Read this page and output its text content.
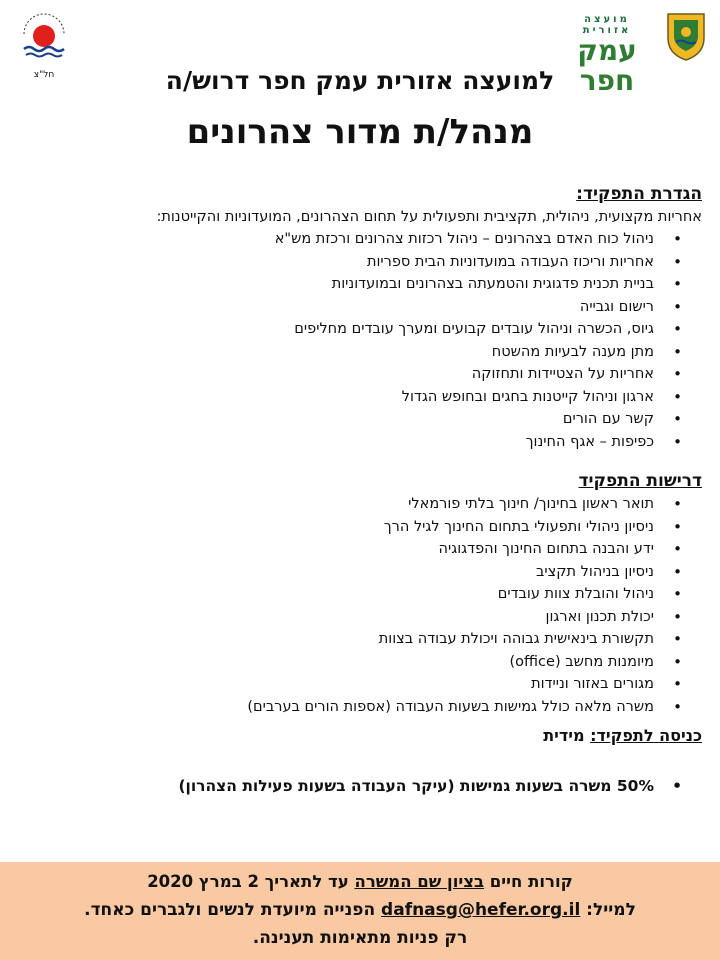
חל"צ
מועצה אזורית
עמק חפר
למועצה אזורית עמק חפר דרוש/ה
מנהל/ת מדור צהרונים

הגדרת התפקיד:

אחריות מקצועית, ניהולית, תקציבית ותפעולית על תחום הצהרונים, המועדוניות והקייטנות:

• ניהול כוח האדם בצהרונים – ניהול רכזות צהרונים ורכזת מש"א
• אחריות וריכוז העבודה במועדוניות הבית ספריות
• בניית תכנית פדגוגית והטמעתה בצהרונים ובמועדוניות
• רישום וגבייה
• גיוס, הכשרה וניהול עובדים קבועים ומערך עובדים מחליפים
• מתן מענה לבעיות מהשטח
• אחריות על הצטיידות ותחזוקה
• ארגון וניהול קייטנות בחגים ובחופש הגדול
• קשר עם הורים
• כפיפות – אגף החינוך

דרישות התפקיד

• תואר ראשון בחינוך/ חינוך בלתי פורמאלי
• ניסיון ניהולי ותפעולי בתחום החינוך לגיל הרך
• ידע והבנה בתחום החינוך והפדגוגיה
• ניסיון בניהול תקציב
• ניהול והובלת צוות עובדים
• יכולת תכנון וארגון
• תקשורת בינאישית גבוהה ויכולת עבודה בצוות
• מיומנות מחשב (office)
• מגורים באזור וניידות
• משרה מלאה כולל גמישות בשעות העבודה (אספות הורים בערבים)
כניסה לתפקיד: מידית
• 50% משרה בשעות גמישות (עיקר העבודה בשעות פעילות הצהרון)
קורות חיים בציון שם המשרה עד לתאריך 2 במרץ 2020
למייל: dafnasg@hefer.org.il הפנייה מיועדת לנשים ולגברים כאחד.
רק פניות מתאימות תענינה.
